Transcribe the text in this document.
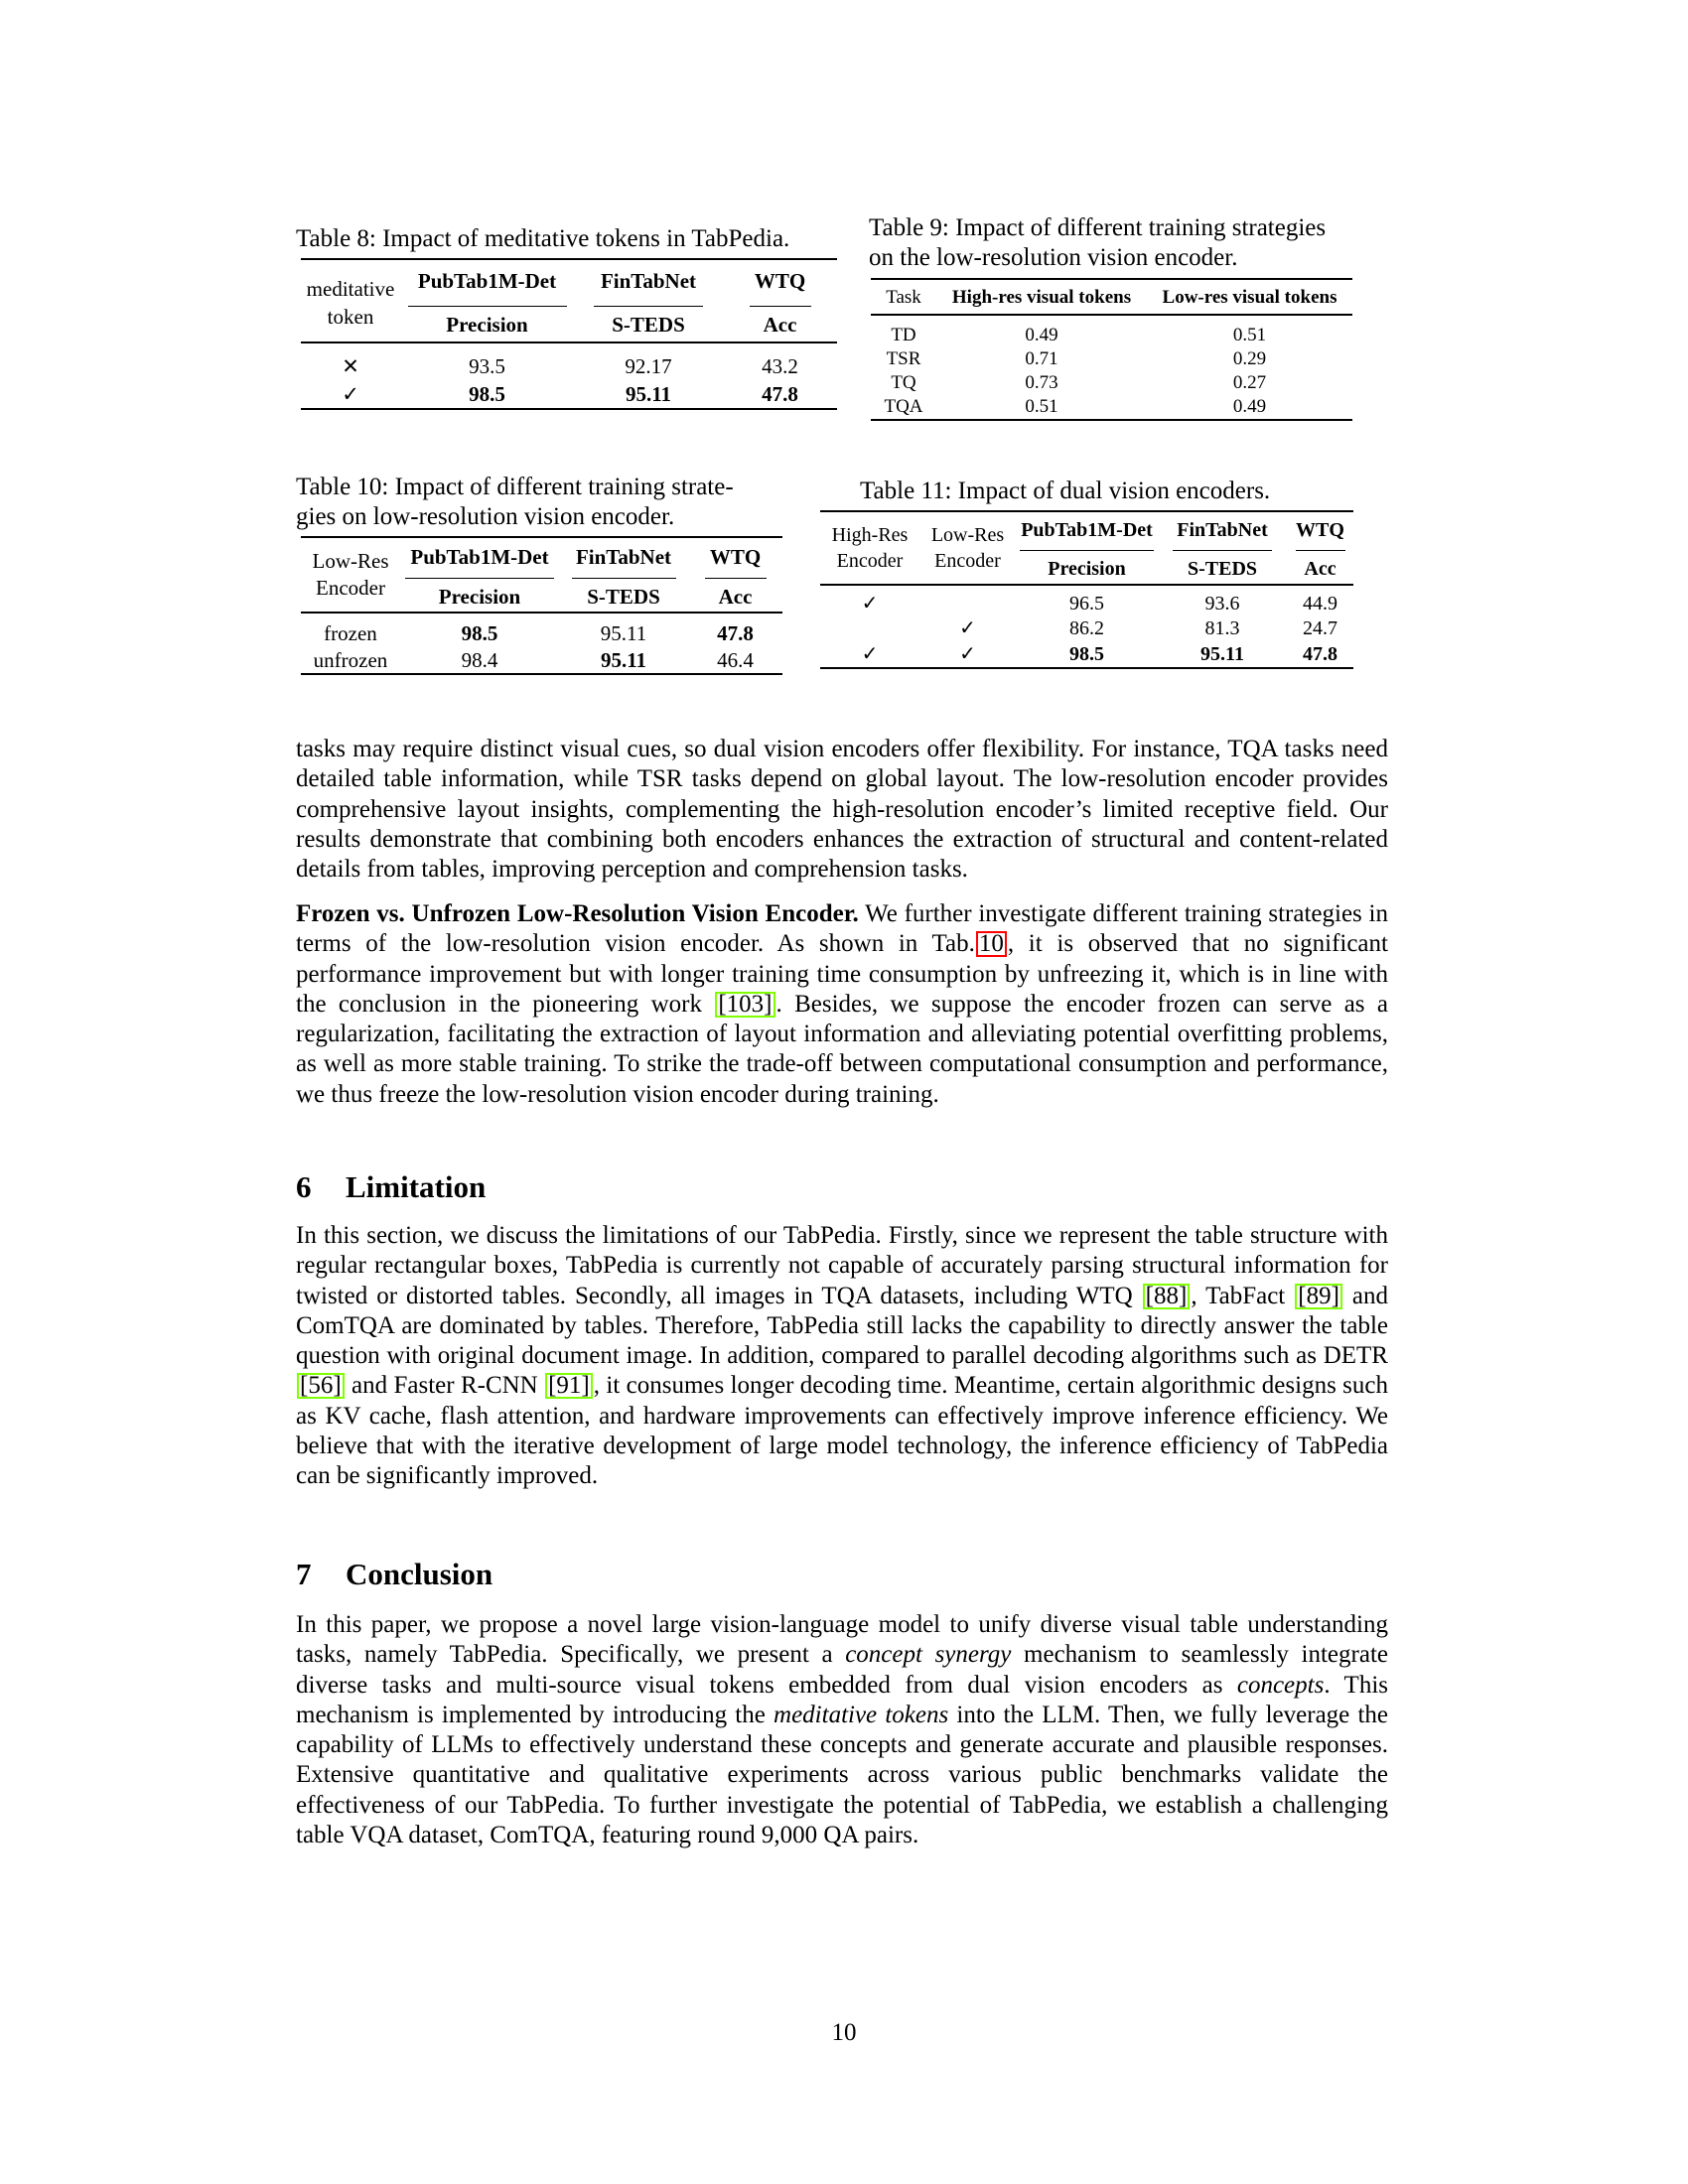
Table 8: Impact of meditative tokens in TabPedia.
meditative
token	PubTab1M-Det	FinTabNet	WTQ
	Precision	S-TEDS	Acc

✕	93.5	92.17	43.2
✓	98.5	95.11	47.8
Table 9: Impact of different training strategies
on the low-resolution vision encoder.
Task	High-res visual tokens	Low-res visual tokens

TD	0.49	0.51
TSR	0.71	0.29
TQ	0.73	0.27
TQA	0.51	0.49
Table 10: Impact of different training strate-
gies on low-resolution vision encoder.
Low-Res
Encoder	PubTab1M-Det	FinTabNet	WTQ
	Precision	S-TEDS	Acc

frozen	98.5	95.11	47.8
unfrozen	98.4	95.11	46.4
Table 11: Impact of dual vision encoders.
High-Res
Encoder	Low-Res
Encoder	PubTab1M-Det	FinTabNet	WTQ
		Precision	S-TEDS	Acc

✓		96.5	93.6	44.9
	✓	86.2	81.3	24.7
✓	✓	98.5	95.11	47.8
tasks may require distinct visual cues, so dual vision encoders offer flexibility. For instance, TQA tasks need detailed table information, while TSR tasks depend on global layout. The low-resolution encoder provides comprehensive layout insights, complementing the high-resolution encoder’s limited receptive field. Our results demonstrate that combining both encoders enhances the extraction of structural and content-related details from tables, improving perception and comprehension tasks.
Frozen vs. Unfrozen Low-Resolution Vision Encoder. We further investigate different training strategies in terms of the low-resolution vision encoder. As shown in Tab. 10 , it is observed that no significant performance improvement but with longer training time consumption by unfreezing it, which is in line with the conclusion in the pioneering work [103] . Besides, we suppose the encoder frozen can serve as a regularization, facilitating the extraction of layout information and alleviating potential overfitting problems, as well as more stable training. To strike the trade-off between computational consumption and performance, we thus freeze the low-resolution vision encoder during training.
6 Limitation
In this section, we discuss the limitations of our TabPedia. Firstly, since we represent the table structure with regular rectangular boxes, TabPedia is currently not capable of accurately parsing structural information for twisted or distorted tables. Secondly, all images in TQA datasets, including WTQ [88] , TabFact [89] and ComTQA are dominated by tables. Therefore, TabPedia still lacks the capability to directly answer the table question with original document image. In addition, compared to parallel decoding algorithms such as DETR [56] and Faster R-CNN [91] , it consumes longer decoding time. Meantime, certain algorithmic designs such as KV cache, flash attention, and hardware improvements can effectively improve inference efficiency. We believe that with the iterative development of large model technology, the inference efficiency of TabPedia can be significantly improved.
7 Conclusion
In this paper, we propose a novel large vision-language model to unify diverse visual table understanding tasks, namely TabPedia. Specifically, we present a concept synergy mechanism to seamlessly integrate diverse tasks and multi-source visual tokens embedded from dual vision encoders as concepts. This mechanism is implemented by introducing the meditative tokens into the LLM. Then, we fully leverage the capability of LLMs to effectively understand these concepts and generate accurate and plausible responses. Extensive quantitative and qualitative experiments across various public benchmarks validate the effectiveness of our TabPedia. To further investigate the potential of TabPedia, we establish a challenging table VQA dataset, ComTQA, featuring round 9,000 QA pairs.
10
